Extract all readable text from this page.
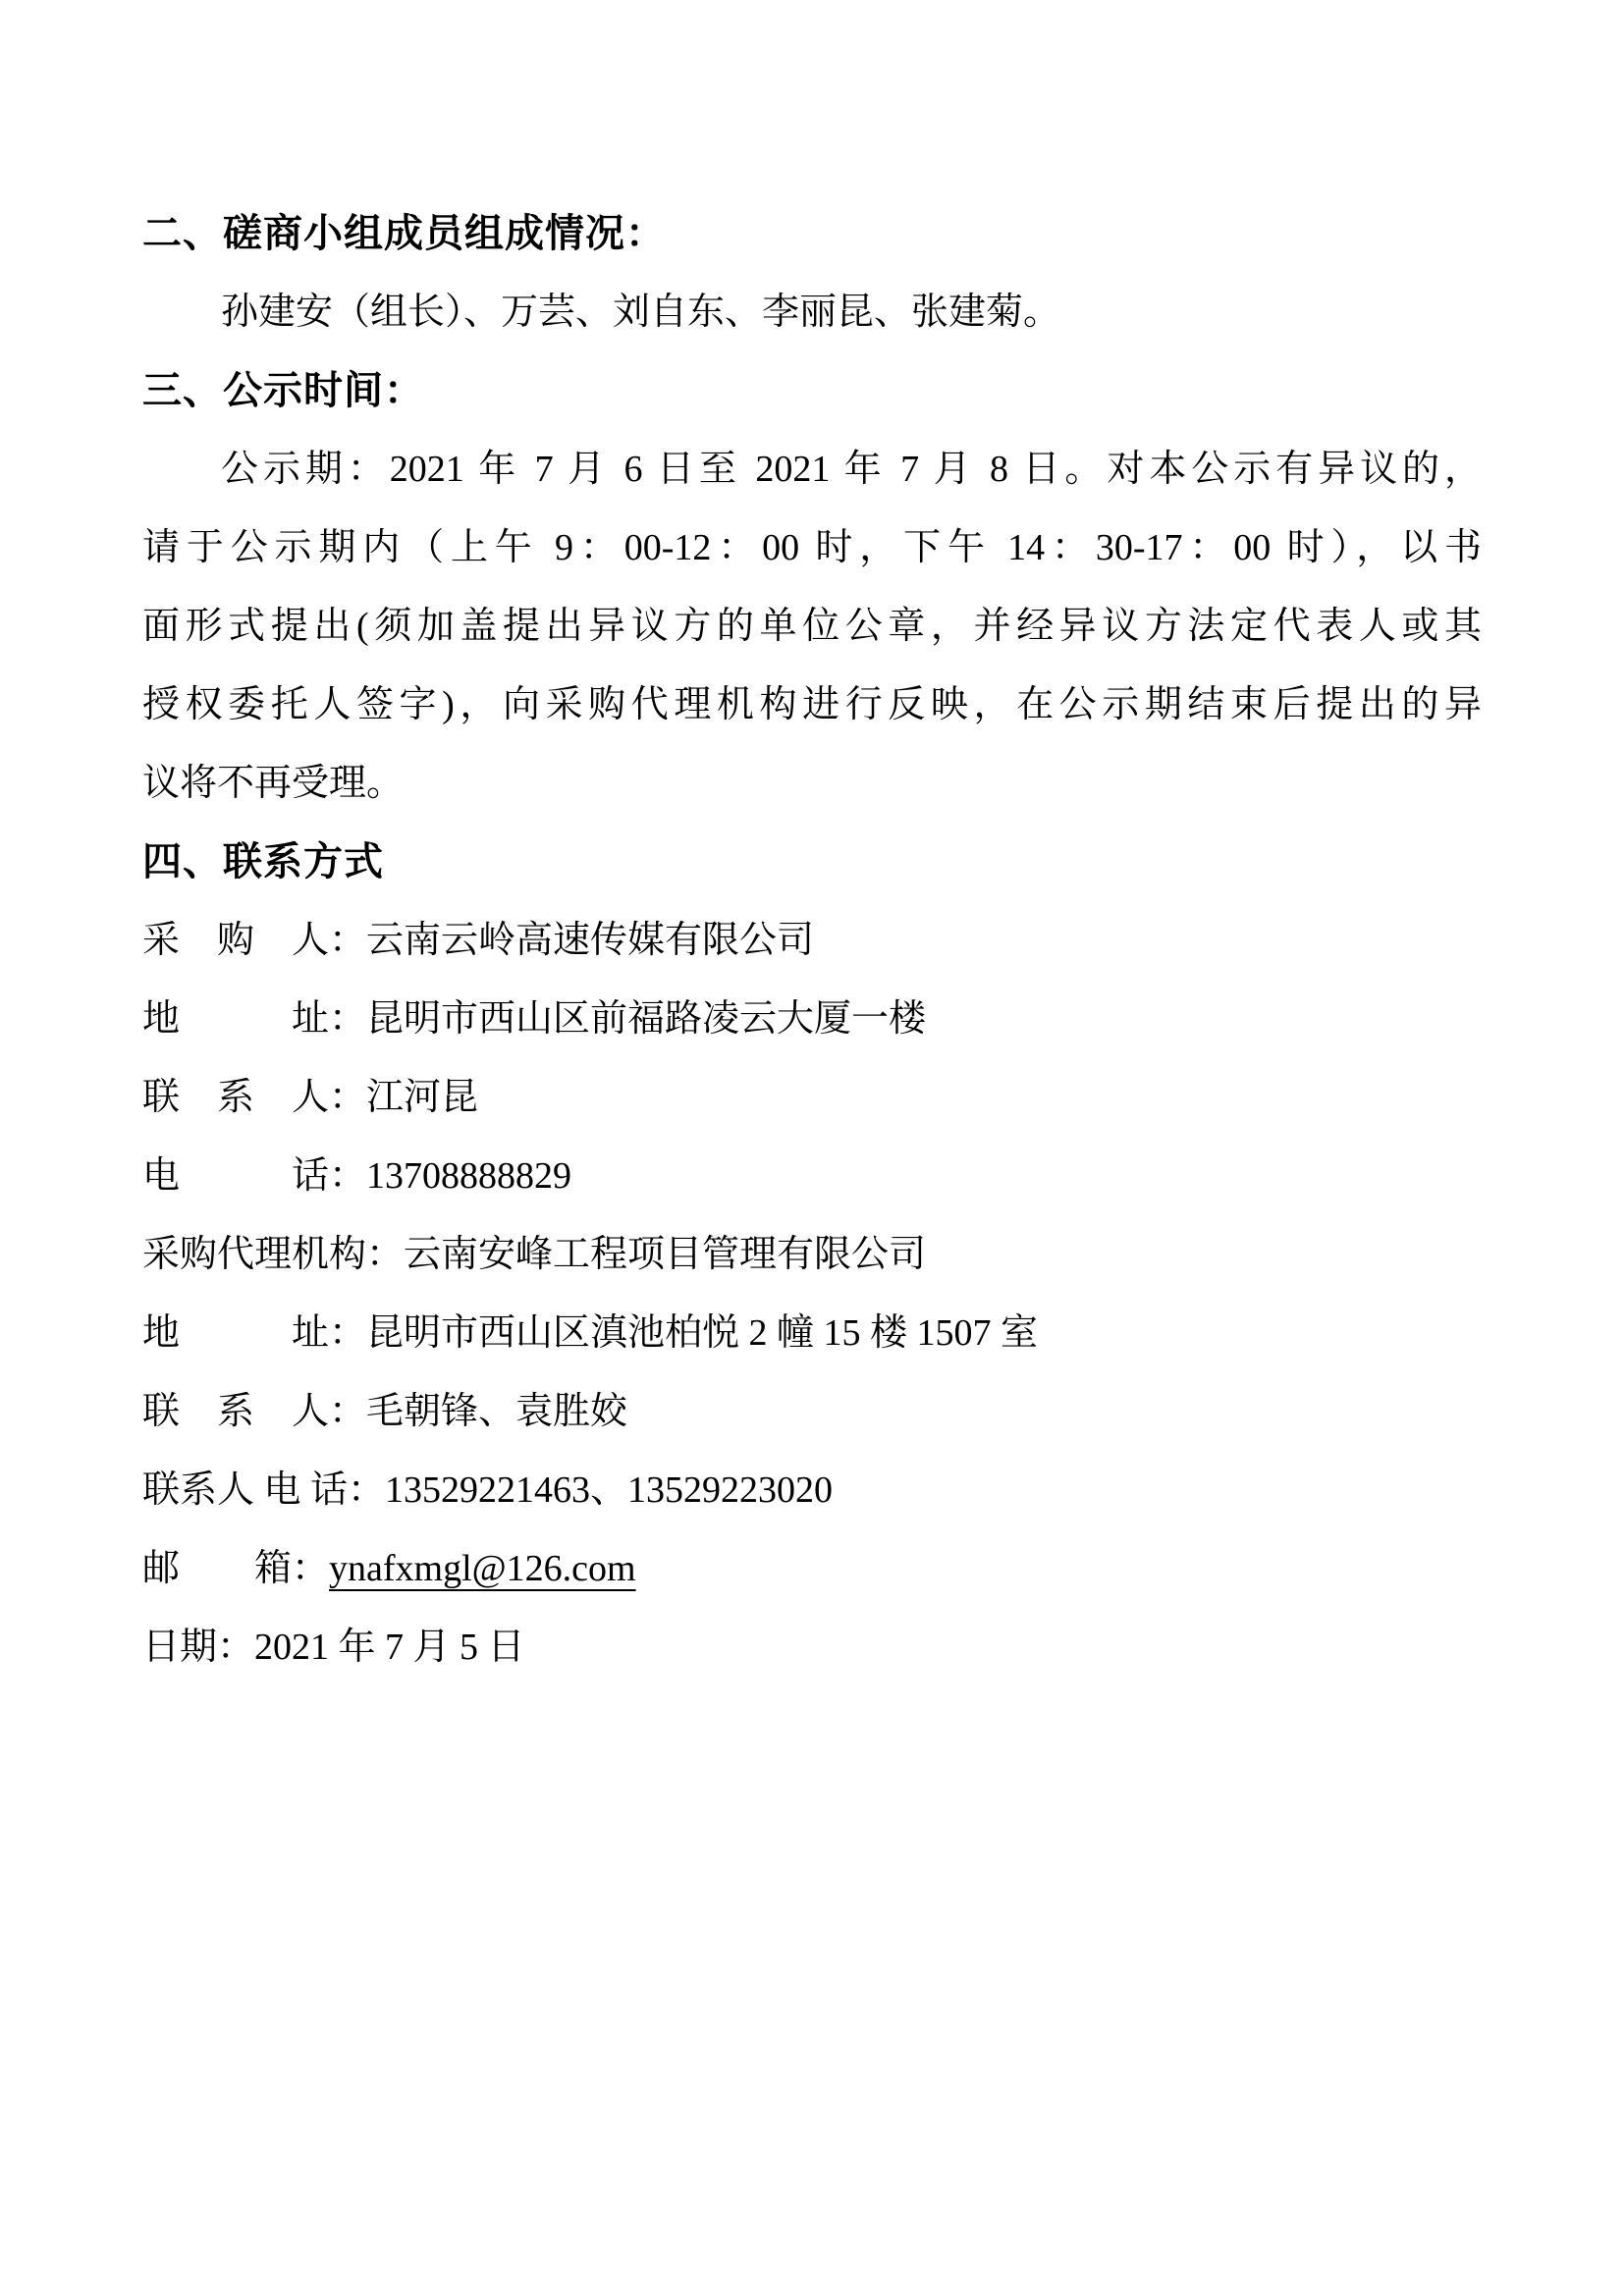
二、磋商小组成员组成情况：
孙建安（组长）、万芸、刘自东、李丽昆、张建菊。
三、公示时间：
公示期：2021 年 7 月 6 日至 2021 年 7 月 8 日。对本公示有异议的，
请于公示期内（上午 9：00-12：00 时，下午 14：30-17：00 时），以书
面形式提出(须加盖提出异议方的单位公章，并经异议方法定代表人或其
授权委托人签字)，向采购代理机构进行反映，在公示期结束后提出的异
议将不再受理。
四、联系方式
采　购　人：云南云岭高速传媒有限公司
地　　　址：昆明市西山区前福路凌云大厦一楼
联　系　人：江河昆
电　　　话：13708888829
采购代理机构：云南安峰工程项目管理有限公司
地　　　址：昆明市西山区滇池柏悦 2 幢 15 楼 1507 室
联　系　人：毛朝锋、袁胜姣
联系人 电 话：13529221463、13529223020
邮　　箱：ynafxmgl@126.com
日期：2021 年 7 月 5 日
